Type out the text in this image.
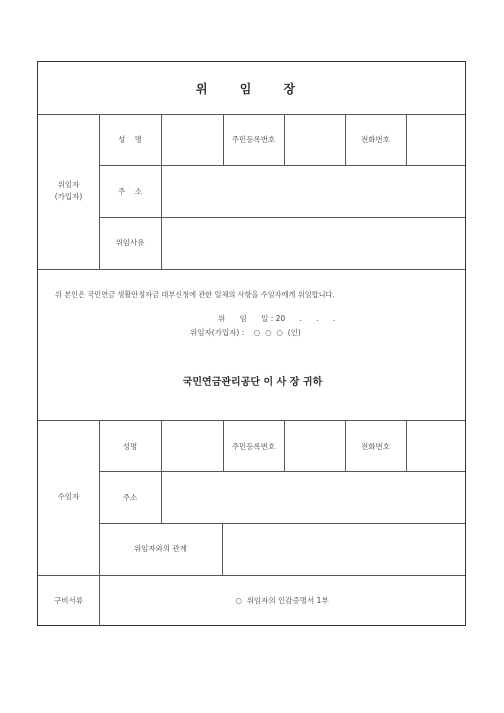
위 임 장
위임자
(가입자)
성    명	주민등록번호	전화번호
주    소
위임사유
위 본인은 국민연금 생활안정자금 대부신청에 관한 일체의 사항을 수임자에게 위임합니다.
위      임      일 : 20      .      .      .
위임자(가입자) :    ○  ○  ○  (인)
국민연금관리공단 이 사 장 귀하
수임자
성명	주민등록번호	전화번호
주소
위임자와의 관계
구비서류	○  위임자의 인감증명서 1부
